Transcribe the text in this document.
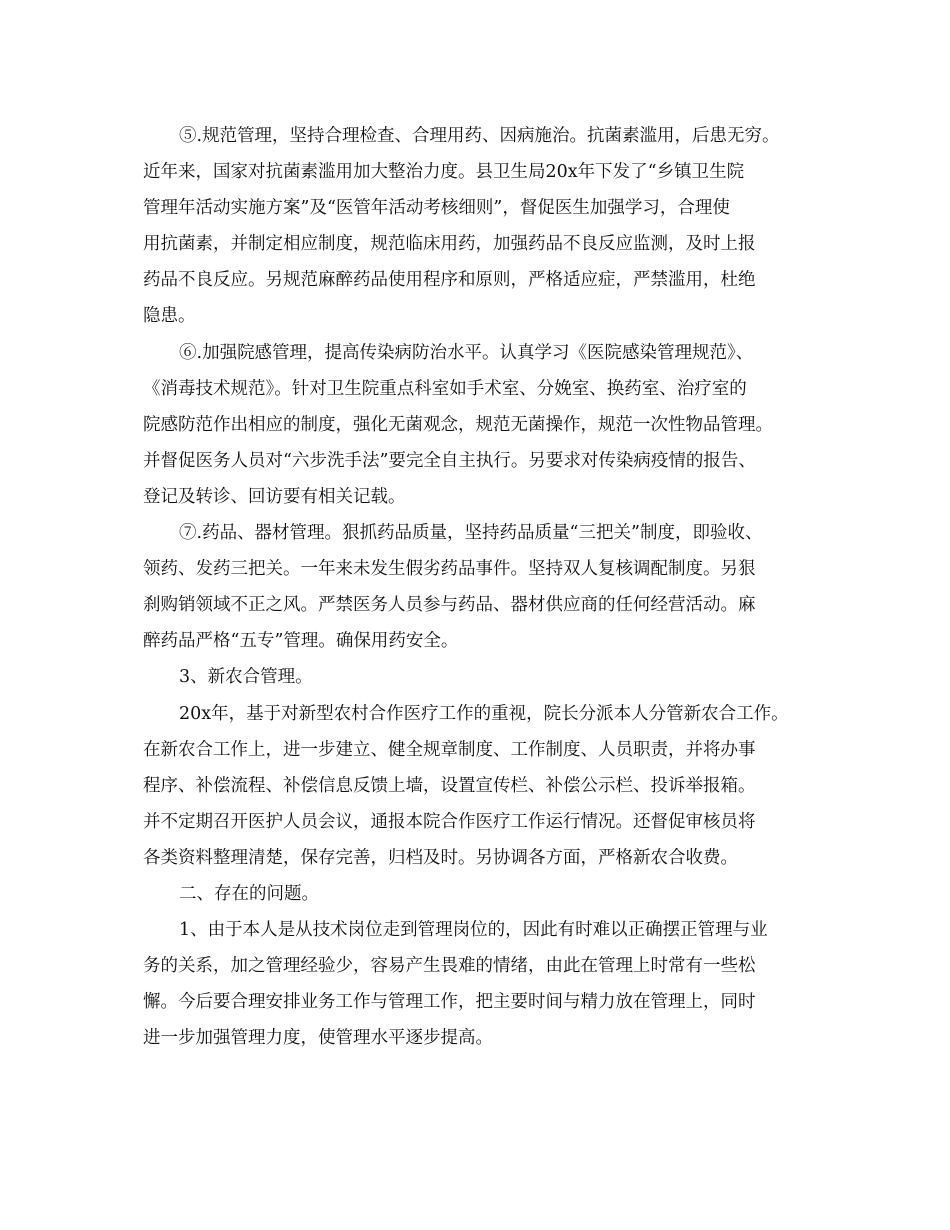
⑤.规范管理，坚持合理检查、合理用药、因病施治。抗菌素滥用，后患无穷。
近年来，国家对抗菌素滥用加大整治力度。县卫生局20x年下发了“乡镇卫生院
管理年活动实施方案”及“医管年活动考核细则”，督促医生加强学习，合理使
用抗菌素，并制定相应制度，规范临床用药，加强药品不良反应监测，及时上报
药品不良反应。另规范麻醉药品使用程序和原则，严格适应症，严禁滥用，杜绝
隐患。
⑥.加强院感管理，提高传染病防治水平。认真学习《医院感染管理规范》、
《消毒技术规范》。针对卫生院重点科室如手术室、分娩室、换药室、治疗室的
院感防范作出相应的制度，强化无菌观念，规范无菌操作，规范一次性物品管理。
并督促医务人员对“六步洗手法”要完全自主执行。另要求对传染病疫情的报告、
登记及转诊、回访要有相关记载。
⑦.药品、器材管理。狠抓药品质量，坚持药品质量“三把关”制度，即验收、
领药、发药三把关。一年来未发生假劣药品事件。坚持双人复核调配制度。另狠
刹购销领域不正之风。严禁医务人员参与药品、器材供应商的任何经营活动。麻
醉药品严格“五专”管理。确保用药安全。
3、新农合管理。
20x年，基于对新型农村合作医疗工作的重视，院长分派本人分管新农合工作。
在新农合工作上，进一步建立、健全规章制度、工作制度、人员职责，并将办事
程序、补偿流程、补偿信息反馈上墙，设置宣传栏、补偿公示栏、投诉举报箱。
并不定期召开医护人员会议，通报本院合作医疗工作运行情况。还督促审核员将
各类资料整理清楚，保存完善，归档及时。另协调各方面，严格新农合收费。
二、存在的问题。
1、由于本人是从技术岗位走到管理岗位的，因此有时难以正确摆正管理与业
务的关系，加之管理经验少，容易产生畏难的情绪，由此在管理上时常有一些松
懈。今后要合理安排业务工作与管理工作，把主要时间与精力放在管理上，同时
进一步加强管理力度，使管理水平逐步提高。
